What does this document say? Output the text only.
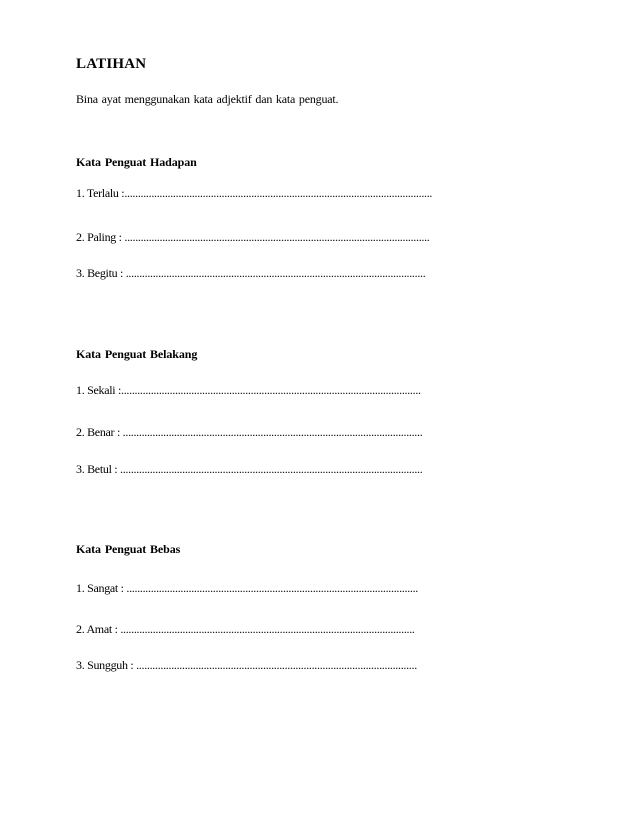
LATIHAN
Bina ayat menggunakan kata adjektif dan kata penguat.
Kata Penguat Hadapan
1. Terlalu :..................................................................................................................
2. Paling : .................................................................................................................
3. Begitu : ...............................................................................................................
Kata Penguat Belakang
1. Sekali :...............................................................................................................
2. Benar : ...............................................................................................................
3. Betul : ................................................................................................................
Kata Penguat Bebas
1. Sangat : ............................................................................................................
2. Amat : .............................................................................................................
3. Sungguh : ........................................................................................................
